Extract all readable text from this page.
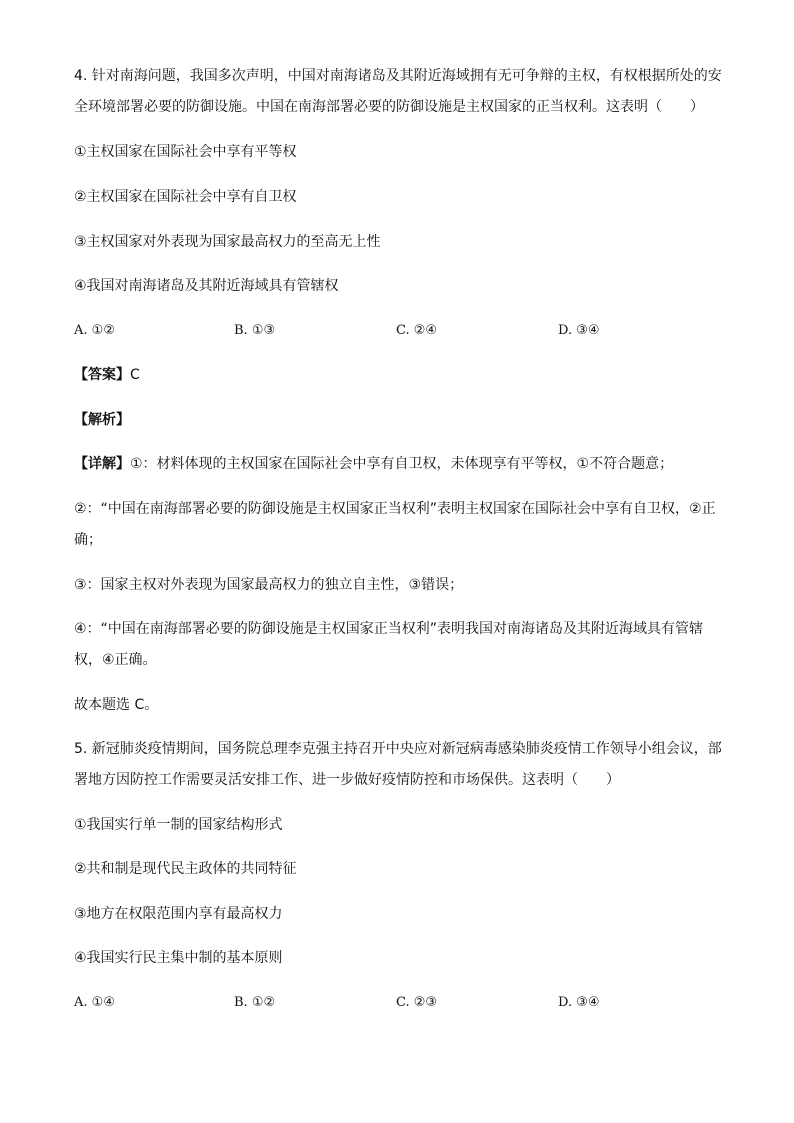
4. 针对南海问题，我国多次声明，中国对南海诸岛及其附近海域拥有无可争辩的主权，有权根据所处的安
全环境部署必要的防御设施。中国在南海部署必要的防御设施是主权国家的正当权利。这表明（　　）
①主权国家在国际社会中享有平等权
②主权国家在国际社会中享有自卫权
③主权国家对外表现为国家最高权力的至高无上性
④我国对南海诸岛及其附近海域具有管辖权
A. ①②	B. ①③	C. ②④	D. ③④
【答案】C
【解析】
【详解】①：材料体现的主权国家在国际社会中享有自卫权，未体现享有平等权，①不符合题意；
②：“中国在南海部署必要的防御设施是主权国家正当权利”表明主权国家在国际社会中享有自卫权，②正
确；
③：国家主权对外表现为国家最高权力的独立自主性，③错误；
④：“中国在南海部署必要的防御设施是主权国家正当权利”表明我国对南海诸岛及其附近海域具有管辖
权，④正确。
故本题选 C。
5. 新冠肺炎疫情期间，国务院总理李克强主持召开中央应对新冠病毒感染肺炎疫情工作领导小组会议，部
署地方因防控工作需要灵活安排工作、进一步做好疫情防控和市场保供。这表明（　　）
①我国实行单一制的国家结构形式
②共和制是现代民主政体的共同特征
③地方在权限范围内享有最高权力
④我国实行民主集中制的基本原则
A. ①④	B. ①②	C. ②③	D. ③④
